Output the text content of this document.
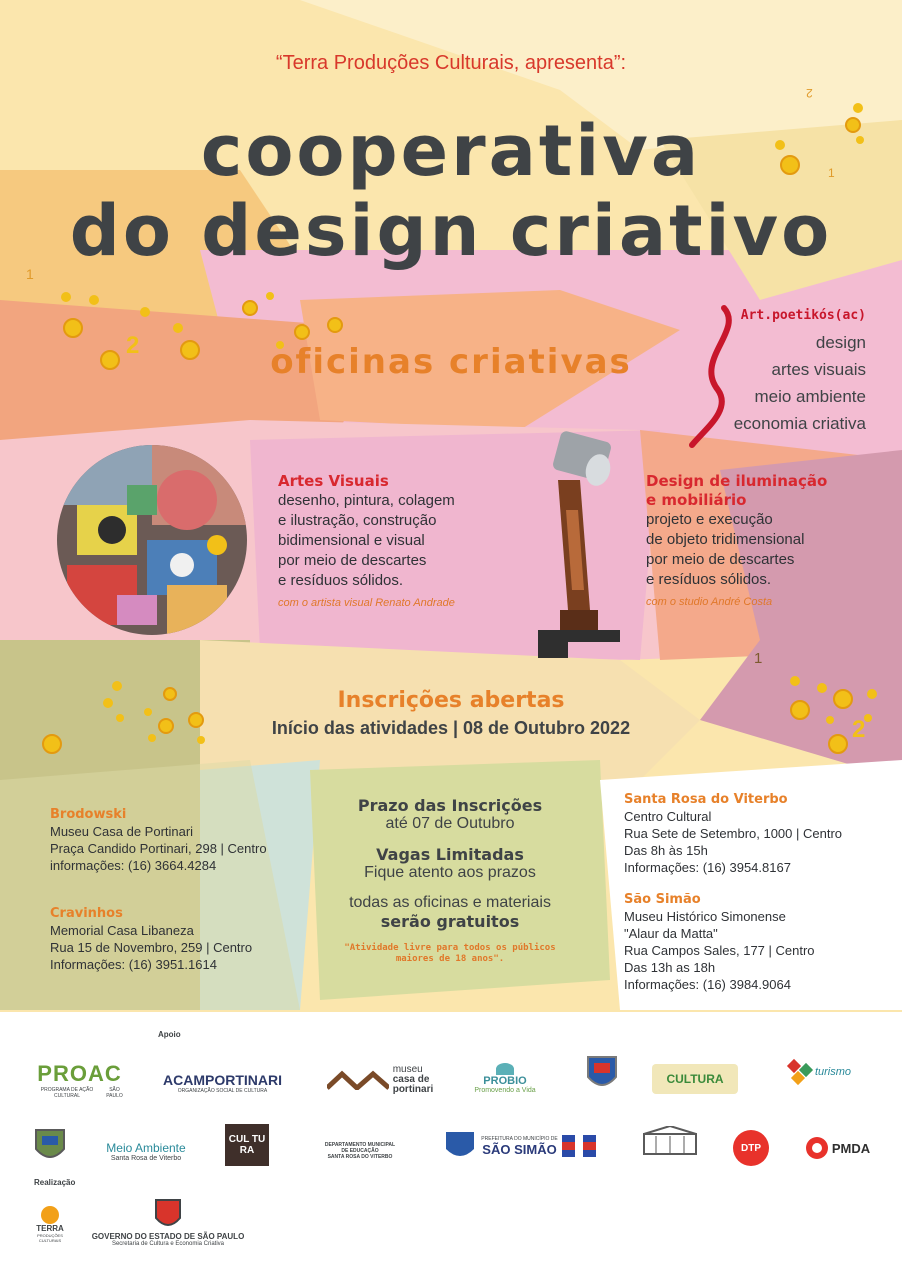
1
2
1
2
1
2
“Terra Produções Culturais, apresenta”:
cooperativa
do design criativo
oficinas criativas
Art.poetikós(ac)
design
artes visuais
meio ambiente
economia criativa
Artes Visuais
desenho, pintura, colagem
e ilustração, construção
bidimensional e visual
por meio de descartes
e resíduos sólidos.
com o artista visual Renato Andrade
Design de iluminação
e mobiliário
projeto e execução
de objeto tridimensional
por meio de descartes
e resíduos sólidos.
com o studio André Costa
Inscrições abertas
Início das atividades | 08 de Outubro 2022
Brodowski
Museu Casa de Portinari
Praça Candido Portinari, 298 | Centro
informações: (16) 3664.4284
Cravinhos
Memorial Casa Libaneza
Rua 15 de Novembro, 259 | Centro
Informações: (16) 3951.1614
Prazo das Inscrições
até 07 de Outubro
Vagas Limitadas
Fique atento aos prazos
todas as oficinas e materiais
serão gratuitos
"Atividade livre para todos os públicos
maiores de 18 anos".
Santa Rosa do Viterbo
Centro Cultural
Rua Sete de Setembro, 1000 | Centro
Das 8h às 15h
Informações: (16) 3954.8167
São Simão
Museu Histórico Simonense
"Alaur da Matta"
Rua Campos Sales, 177 | Centro
Das 13h as 18h
Informações: (16) 3984.9064
Apoio
PROAC
PROGRAMA DE AÇÃO CULTURAL
SÃO PAULO
ACAMPORTINARI
ORGANIZAÇÃO SOCIAL DE CULTURA
museu
casa de
portinari
PROBIO
Promovendo a Vida
CULTURA	turismo
Meio Ambiente
Santa Rosa de Viterbo
CUL TU RA	DEPARTAMENTO MUNICIPAL
DE EDUCAÇÃO
SANTA ROSA DO VITERBO
PREFEITURA DO MUNICÍPIO DE
SÃO SIMÃO	DTP	PMDA
Realização
TERRA
PRODUÇÕES CULTURAIS	GOVERNO DO ESTADO DE SÃO PAULO
Secretaria de Cultura e Economia Criativa
